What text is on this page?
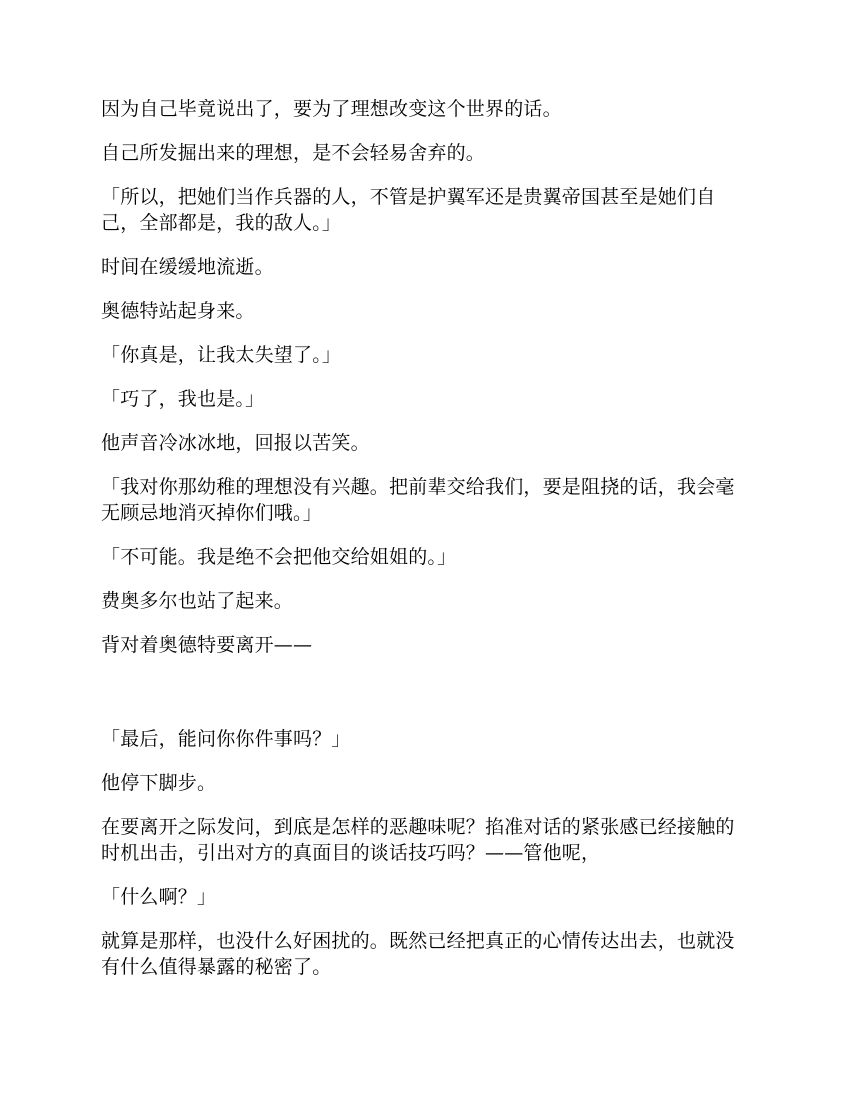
因为自己毕竟说出了，要为了理想改变这个世界的话。

自己所发掘出来的理想，是不会轻易舍弃的。

「所以，把她们当作兵器的人，不管是护翼军还是贵翼帝国甚至是她们自己，全部都是，我的敌人。」

时间在缓缓地流逝。

奥德特站起身来。

「你真是，让我太失望了。」

「巧了，我也是。」

他声音冷冰冰地，回报以苦笑。

「我对你那幼稚的理想没有兴趣。把前辈交给我们，要是阻挠的话，我会毫无顾忌地消灭掉你们哦。」

「不可能。我是绝不会把他交给姐姐的。」

费奥多尔也站了起来。

背对着奥德特要离开——

「最后，能问你你件事吗？」

他停下脚步。

在要离开之际发问，到底是怎样的恶趣味呢？掐准对话的紧张感已经接触的时机出击，引出对方的真面目的谈话技巧吗？——管他呢，

「什么啊？」

就算是那样，也没什么好困扰的。既然已经把真正的心情传达出去，也就没有什么值得暴露的秘密了。
